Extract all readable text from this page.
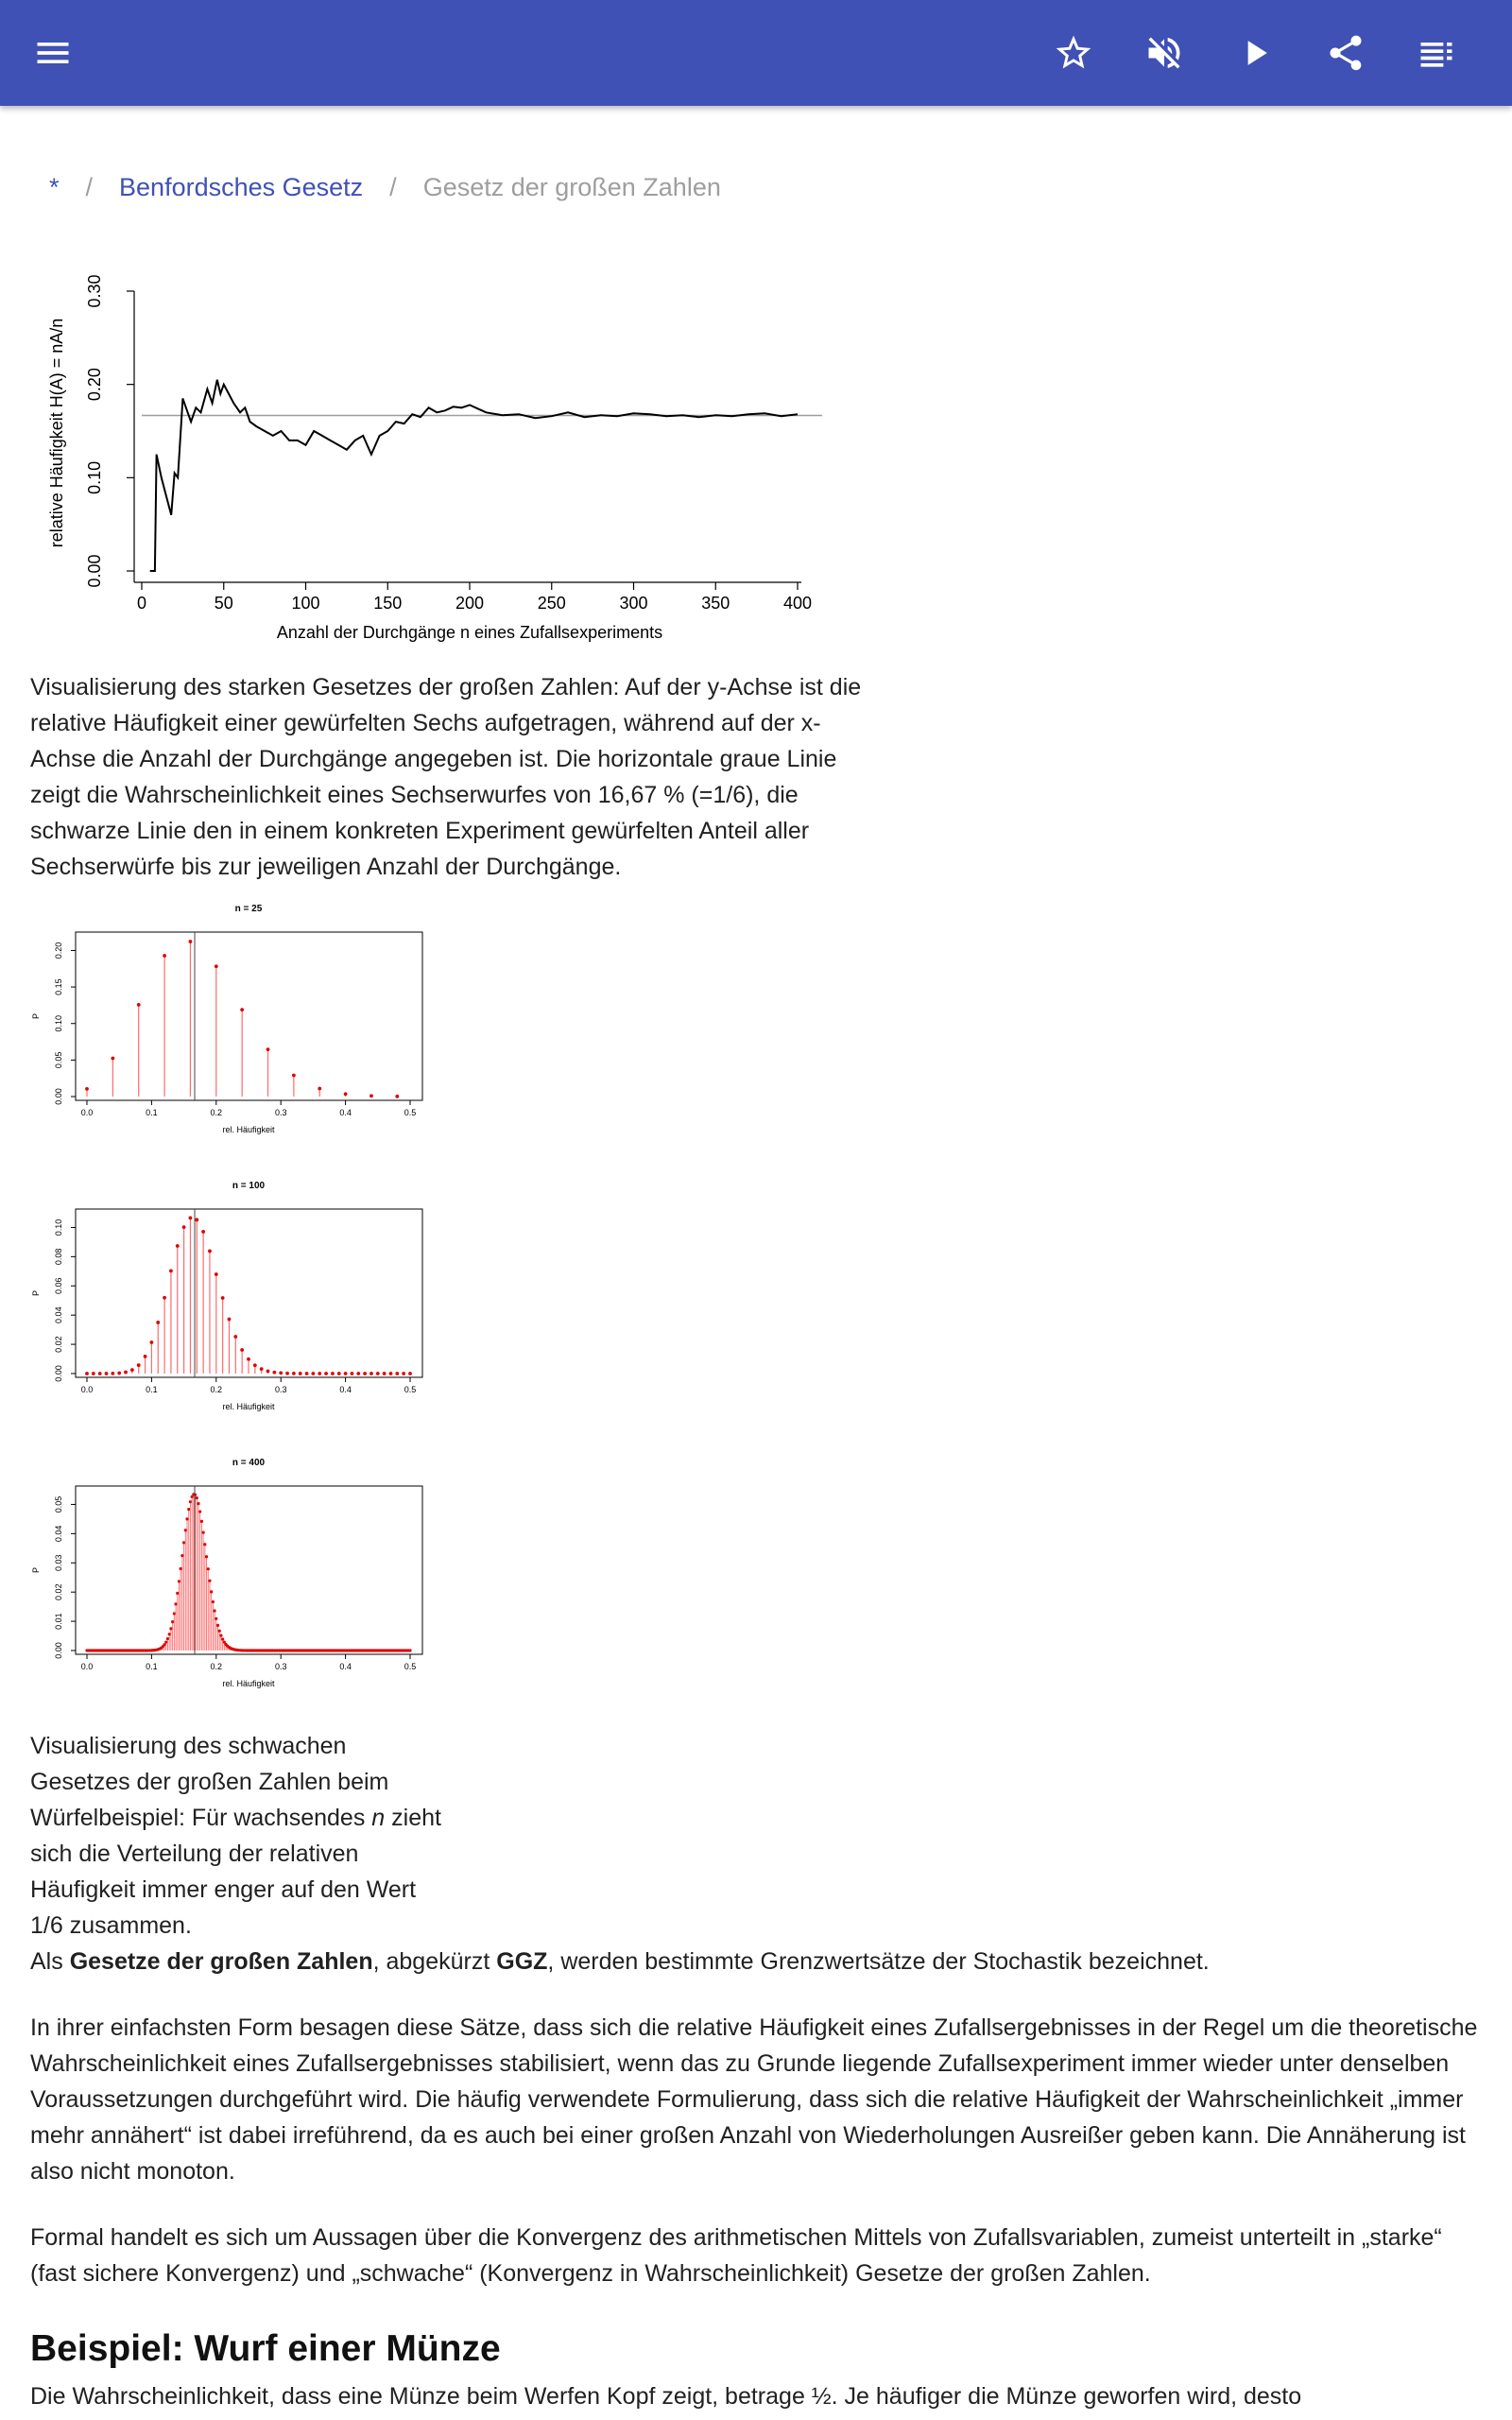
* / Benfordsches Gesetz / Gesetz der großen Zahlen
0	50	100	150	200	250	300	350	400
0.00
0.10
0.20
0.30
Anzahl der Durchgänge n eines Zufallsexperiments
relative Häufigkeit H(A) = nA/n
Visualisierung des starken Gesetzes der großen Zahlen: Auf der y-Achse ist die relative Häufigkeit einer gewürfelten Sechs aufgetragen, während auf der x-Achse die Anzahl der Durchgänge angegeben ist. Die horizontale graue Linie zeigt die Wahrscheinlichkeit eines Sechserwurfes von 16,67 % (=1/6), die schwarze Linie den in einem konkreten Experiment gewürfelten Anteil aller Sechserwürfe bis zur jeweiligen Anzahl der Durchgänge.
n = 25
0.0	0.1	0.2	0.3	0.4	0.5
0.00
0.05
0.10
0.15
0.20
rel. Häufigkeit
P
n = 100
0.0	0.1	0.2	0.3	0.4	0.5
0.00
0.02
0.04
0.06
0.08
0.10
rel. Häufigkeit
P
n = 400
0.0	0.1	0.2	0.3	0.4	0.5
0.00
0.01
0.02
0.03
0.04
0.05
rel. Häufigkeit
P
Visualisierung des schwachen Gesetzes der großen Zahlen beim Würfelbeispiel: Für wachsendes n zieht sich die Verteilung der relativen Häufigkeit immer enger auf den Wert 1/6 zusammen.
Als Gesetze der großen Zahlen, abgekürzt GGZ, werden bestimmte Grenzwertsätze der Stochastik bezeichnet.
In ihrer einfachsten Form besagen diese Sätze, dass sich die relative Häufigkeit eines Zufallsergebnisses in der Regel um die theoretische Wahrscheinlichkeit eines Zufallsergebnisses stabilisiert, wenn das zu Grunde liegende Zufallsexperiment immer wieder unter denselben Voraussetzungen durchgeführt wird. Die häufig verwendete Formulierung, dass sich die relative Häufigkeit der Wahrscheinlichkeit „immer mehr annähert“ ist dabei irreführend, da es auch bei einer großen Anzahl von Wiederholungen Ausreißer geben kann. Die Annäherung ist also nicht monoton.
Formal handelt es sich um Aussagen über die Konvergenz des arithmetischen Mittels von Zufallsvariablen, zumeist unterteilt in „starke“ (fast sichere Konvergenz) und „schwache“ (Konvergenz in Wahrscheinlichkeit) Gesetze der großen Zahlen.
Beispiel: Wurf einer Münze
Die Wahrscheinlichkeit, dass eine Münze beim Werfen Kopf zeigt, betrage ½. Je häufiger die Münze geworfen wird, desto
